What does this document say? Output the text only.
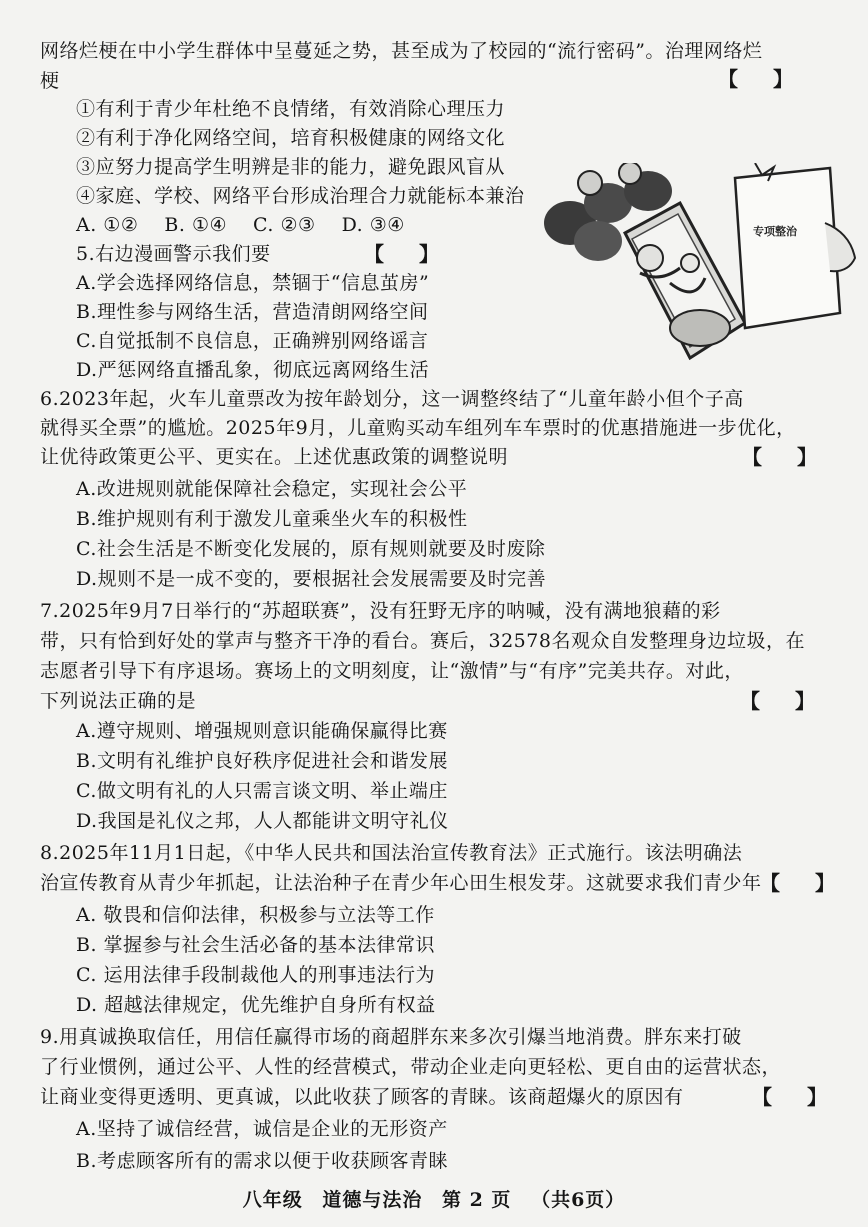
网络烂梗在中小学生群体中呈蔓延之势，甚至成为了校园的“流行密码”。治理网络烂
梗	【 】
①有利于青少年杜绝不良情绪，有效消除心理压力
②有利于净化网络空间，培育积极健康的网络文化
③应努力提高学生明辨是非的能力，避免跟风盲从
④家庭、学校、网络平台形成治理合力就能标本兼治
A. ①②　 B. ①④　 C. ②③　 D. ③④
5.右边漫画警示我们要	【 】
A.学会选择网络信息，禁锢于“信息茧房”
B.理性参与网络生活，营造清朗网络空间
C.自觉抵制不良信息，正确辨别网络谣言
D.严惩网络直播乱象，彻底远离网络生活
专项整治
6.2023年起，火车儿童票改为按年龄划分，这一调整终结了“儿童年龄小但个子高
就得买全票”的尴尬。2025年9月，儿童购买动车组列车车票时的优惠措施进一步优化，
让优待政策更公平、更实在。上述优惠政策的调整说明	【 】
A.改进规则就能保障社会稳定，实现社会公平
B.维护规则有利于激发儿童乘坐火车的积极性
C.社会生活是不断变化发展的，原有规则就要及时废除
D.规则不是一成不变的，要根据社会发展需要及时完善
7.2025年9月7日举行的“苏超联赛”，没有狂野无序的呐喊，没有满地狼藉的彩
带，只有恰到好处的掌声与整齐干净的看台。赛后，32578名观众自发整理身边垃圾，在
志愿者引导下有序退场。赛场上的文明刻度，让“激情”与“有序”完美共存。对此，
下列说法正确的是	【 】
A.遵守规则、增强规则意识能确保赢得比赛
B.文明有礼维护良好秩序促进社会和谐发展
C.做文明有礼的人只需言谈文明、举止端庄
D.我国是礼仪之邦，人人都能讲文明守礼仪
8.2025年11月1日起，《中华人民共和国法治宣传教育法》正式施行。该法明确法
治宣传教育从青少年抓起，让法治种子在青少年心田生根发芽。这就要求我们青少年
【 】
A. 敬畏和信仰法律，积极参与立法等工作
B. 掌握参与社会生活必备的基本法律常识
C. 运用法律手段制裁他人的刑事违法行为
D. 超越法律规定，优先维护自身所有权益
9.用真诚换取信任，用信任赢得市场的商超胖东来多次引爆当地消费。胖东来打破
了行业惯例，通过公平、人性的经营模式，带动企业走向更轻松、更自由的运营状态，
让商业变得更透明、更真诚，以此收获了顾客的青睐。该商超爆火的原因有	【 】
A.坚持了诚信经营，诚信是企业的无形资产
B.考虑顾客所有的需求以便于收获顾客青睐
八年级 道德与法治 第 2 页 （共6页）
